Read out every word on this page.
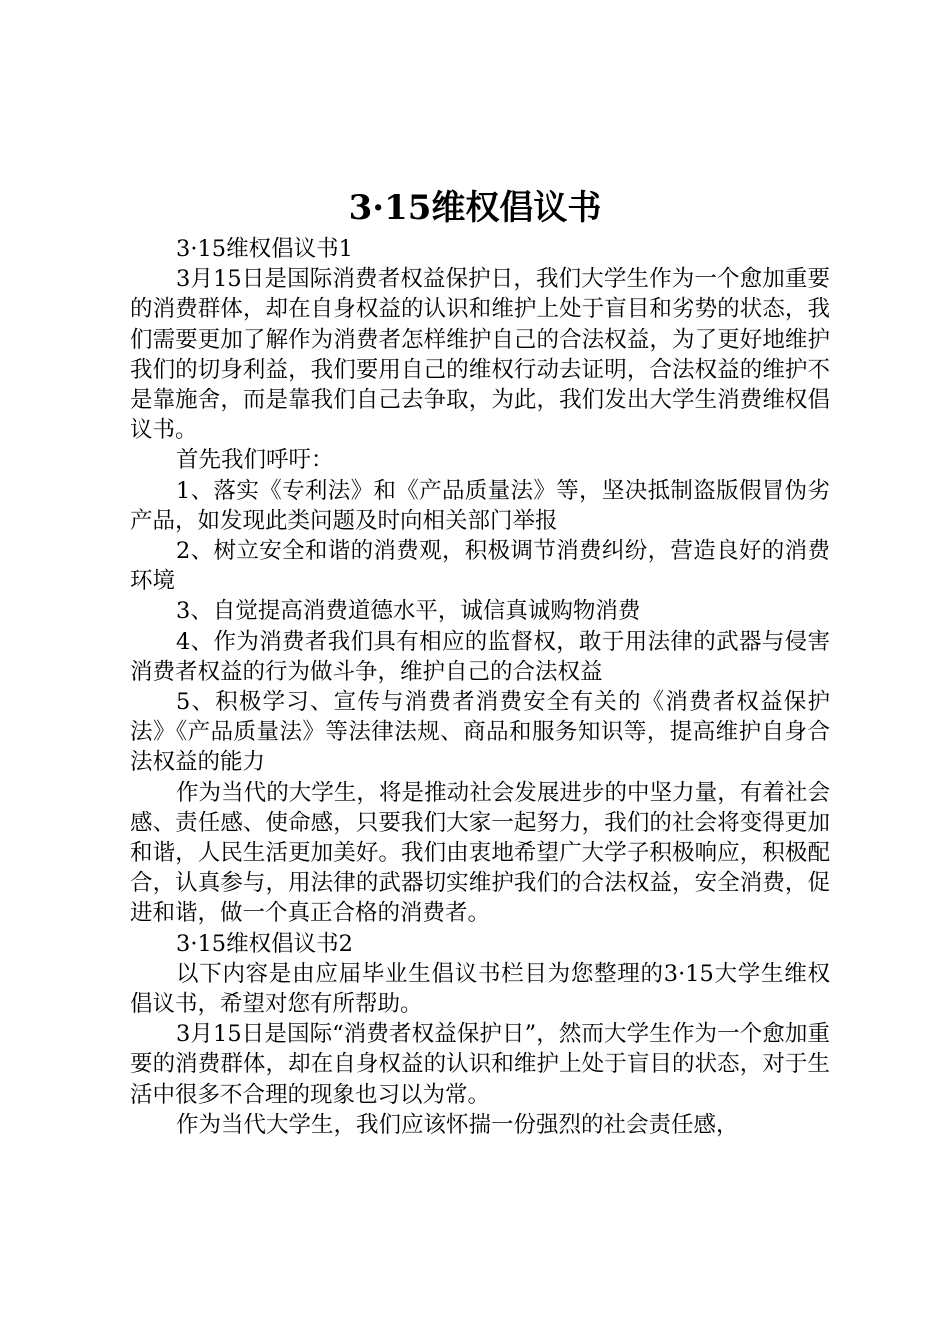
3·15维权倡议书

3·15维权倡议书1

3月15日是国际消费者权益保护日，我们大学生作为一个愈加重要的消费群体，却在自身权益的认识和维护上处于盲目和劣势的状态，我们需要更加了解作为消费者怎样维护自己的合法权益，为了更好地维护我们的切身利益，我们要用自己的维权行动去证明，合法权益的维护不是靠施舍，而是靠我们自己去争取，为此，我们发出大学生消费维权倡议书。

首先我们呼吁：

1、落实《专利法》和《产品质量法》等，坚决抵制盗版假冒伪劣产品，如发现此类问题及时向相关部门举报

2、树立安全和谐的消费观，积极调节消费纠纷，营造良好的消费环境

3、自觉提高消费道德水平，诚信真诚购物消费

4、作为消费者我们具有相应的监督权，敢于用法律的武器与侵害消费者权益的行为做斗争，维护自己的合法权益

5、积极学习、宣传与消费者消费安全有关的《消费者权益保护法》《产品质量法》等法律法规、商品和服务知识等，提高维护自身合法权益的能力

作为当代的大学生，将是推动社会发展进步的中坚力量，有着社会感、责任感、使命感，只要我们大家一起努力，我们的社会将变得更加和谐，人民生活更加美好。我们由衷地希望广大学子积极响应，积极配合，认真参与，用法律的武器切实维护我们的合法权益，安全消费，促进和谐，做一个真正合格的消费者。

3·15维权倡议书2

以下内容是由应届毕业生倡议书栏目为您整理的3·15大学生维权倡议书，希望对您有所帮助。

3月15日是国际“消费者权益保护日”，然而大学生作为一个愈加重要的消费群体，却在自身权益的认识和维护上处于盲目的状态，对于生活中很多不合理的现象也习以为常。

作为当代大学生，我们应该怀揣一份强烈的社会责任感，
